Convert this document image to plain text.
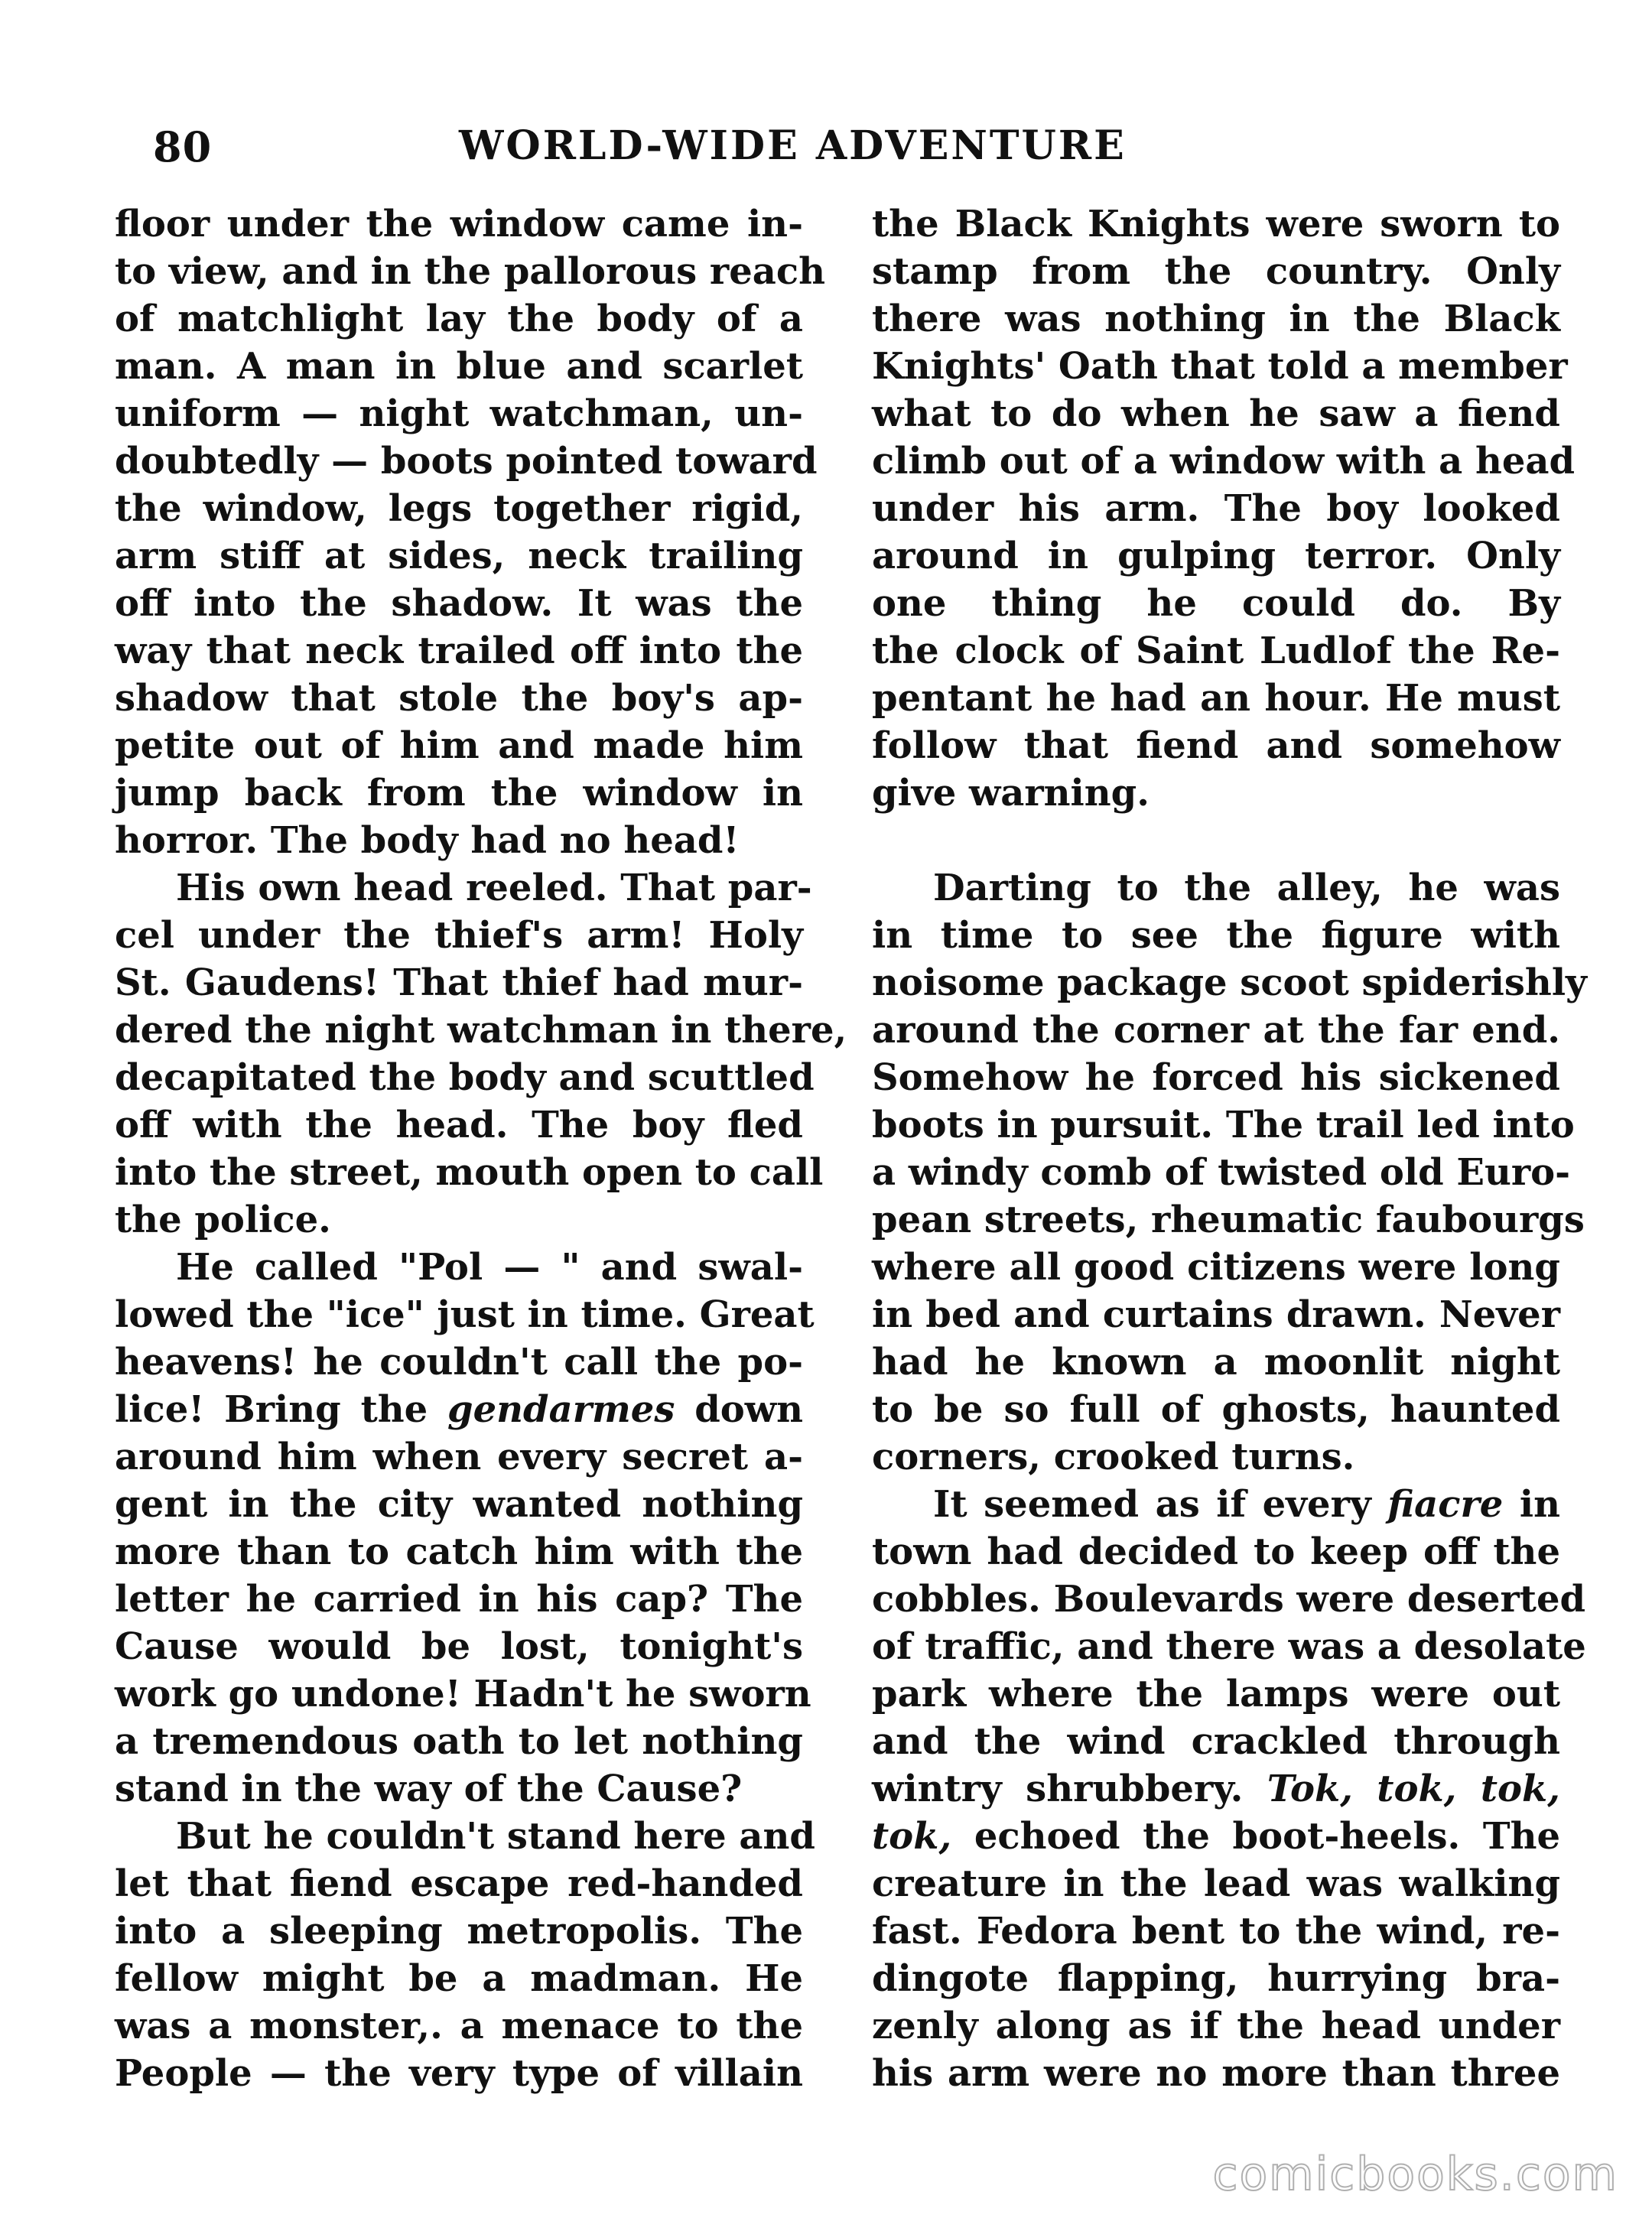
80	WORLD-WIDE ADVENTURE
floor under the window came in-
to view, and in the pallorous reach
of matchlight lay the body of a
man. A man in blue and scarlet
uniform — night watchman, un-
doubtedly — boots pointed toward
the window, legs together rigid,
arm stiff at sides, neck trailing
off into the shadow. It was the
way that neck trailed off into the
shadow that stole the boy's ap-
petite out of him and made him
jump back from the window in
horror. The body had no head!
His own head reeled. That par-
cel under the thief's arm! Holy
St. Gaudens! That thief had mur-
dered the night watchman in there,
decapitated the body and scuttled
off with the head. The boy fled
into the street, mouth open to call
the police.
He called "Pol — " and swal-
lowed the "ice" just in time. Great
heavens! he couldn't call the po-
lice! Bring the gendarmes down
around him when every secret a-
gent in the city wanted nothing
more than to catch him with the
letter he carried in his cap? The
Cause would be lost, tonight's
work go undone! Hadn't he sworn
a tremendous oath to let nothing
stand in the way of the Cause?
But he couldn't stand here and
let that fiend escape red-handed
into a sleeping metropolis. The
fellow might be a madman. He
was a monster,. a menace to the
People — the very type of villain
the Black Knights were sworn to
stamp from the country. Only
there was nothing in the Black
Knights' Oath that told a member
what to do when he saw a fiend
climb out of a window with a head
under his arm. The boy looked
around in gulping terror. Only
one thing he could do. By
the clock of Saint Ludlof the Re-
pentant he had an hour. He must
follow that fiend and somehow
give warning.
Darting to the alley, he was
in time to see the figure with
noisome package scoot spiderishly
around the corner at the far end.
Somehow he forced his sickened
boots in pursuit. The trail led into
a windy comb of twisted old Euro-
pean streets, rheumatic faubourgs
where all good citizens were long
in bed and curtains drawn. Never
had he known a moonlit night
to be so full of ghosts, haunted
corners, crooked turns.
It seemed as if every fiacre in
town had decided to keep off the
cobbles. Boulevards were deserted
of traffic, and there was a desolate
park where the lamps were out
and the wind crackled through
wintry shrubbery. Tok, tok, tok,
tok, echoed the boot-heels. The
creature in the lead was walking
fast. Fedora bent to the wind, re-
dingote flapping, hurrying bra-
zenly along as if the head under
his arm were no more than three
comicbooks.com
